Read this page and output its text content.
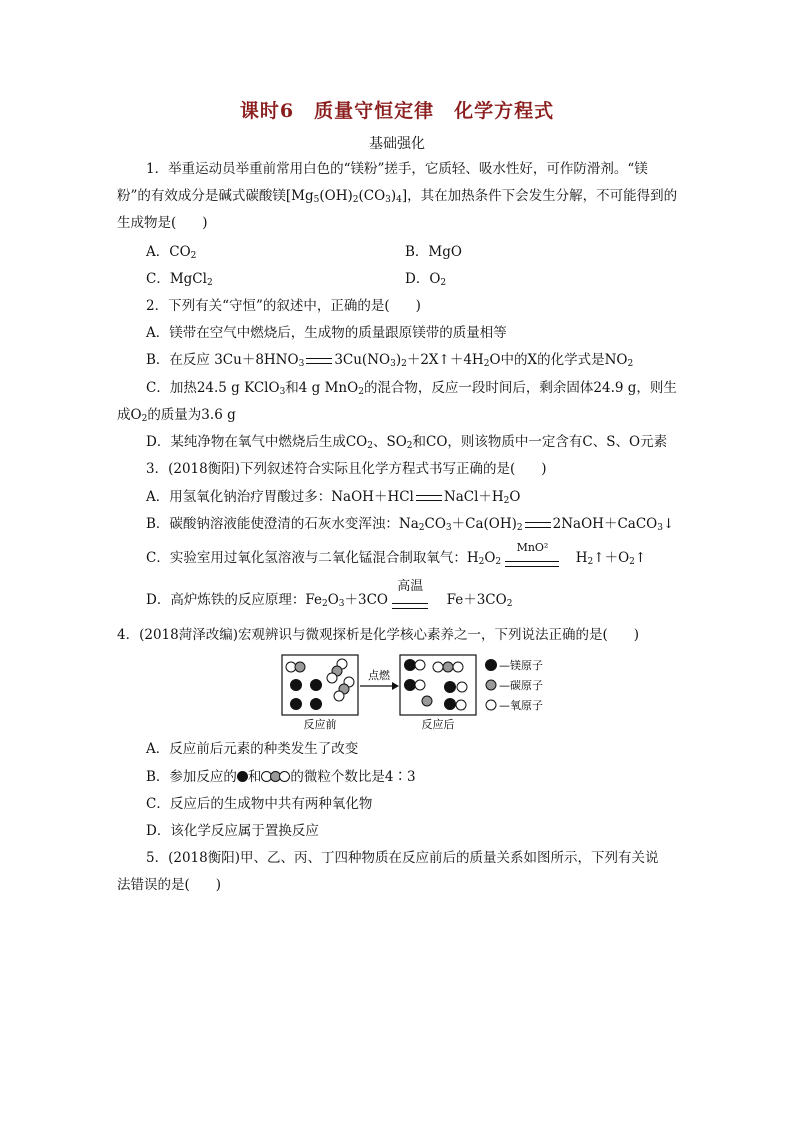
课时6　质量守恒定律　化学方程式
基础强化
1．举重运动员举重前常用白色的“镁粉”搓手，它质轻、吸水性好，可作防滑剂。“镁
粉”的有效成分是碱式碳酸镁$[Mg_5(OH)_2(CO_3)_4]$，其在加热条件下会发生分解，不可能得到的
生成物是( )
A．$CO_2$	B．MgO
C．MgCl$_2$	D．$O_2$
2．下列有关“守恒”的叙述中，正确的是( )
A．镁带在空气中燃烧后，生成物的质量跟原镁带的质量相等
B．在反应 $3Cu+8HNO_3$ $3Cu(NO_3)_2+2X↑+4H_2O$中的X的化学式是$NO_2$
C．加热24.5 g KClO$_3$和4 g MnO$_2$的混合物，反应一段时间后，剩余固体24.9 g，则生
成$O_2$的质量为3.6 g
D．某纯净物在氧气中燃烧后生成$CO_2$、$SO_2$和CO，则该物质中一定含有C、S、O元素
3．(2018衡阳)下列叙述符合实际且化学方程式书写正确的是( )
A．用氢氧化钠治疗胃酸过多：NaOH＋HCl $NaCl+H_2O$
B．碳酸钠溶液能使澄清的石灰水变浑浊：$Na_2CO_3+Ca(OH)_2$ 2NaOH＋CaCO$_3$↓
C．实验室用过氧化氢溶液与二氧化锰混合制取氧气：$H_2O_2$
MnO²
$H_2↑+O_2↑$
D．高炉炼铁的反应原理：$Fe_2O_3+3CO$
高温
$Fe+3CO_2$
4．(2018菏泽改编)宏观辨识与微观探析是化学核心素养之一，下列说法正确的是( )
点燃
反应前	反应后
—镁原子
—碳原子
—氧原子
A．反应前后元素的种类发生了改变
B．参加反应的 和 的微粒个数比是4∶3
C．反应后的生成物中共有两种氧化物
D．该化学反应属于置换反应
5．(2018衡阳)甲、乙、丙、丁四种物质在反应前后的质量关系如图所示，下列有关说
法错误的是( )
